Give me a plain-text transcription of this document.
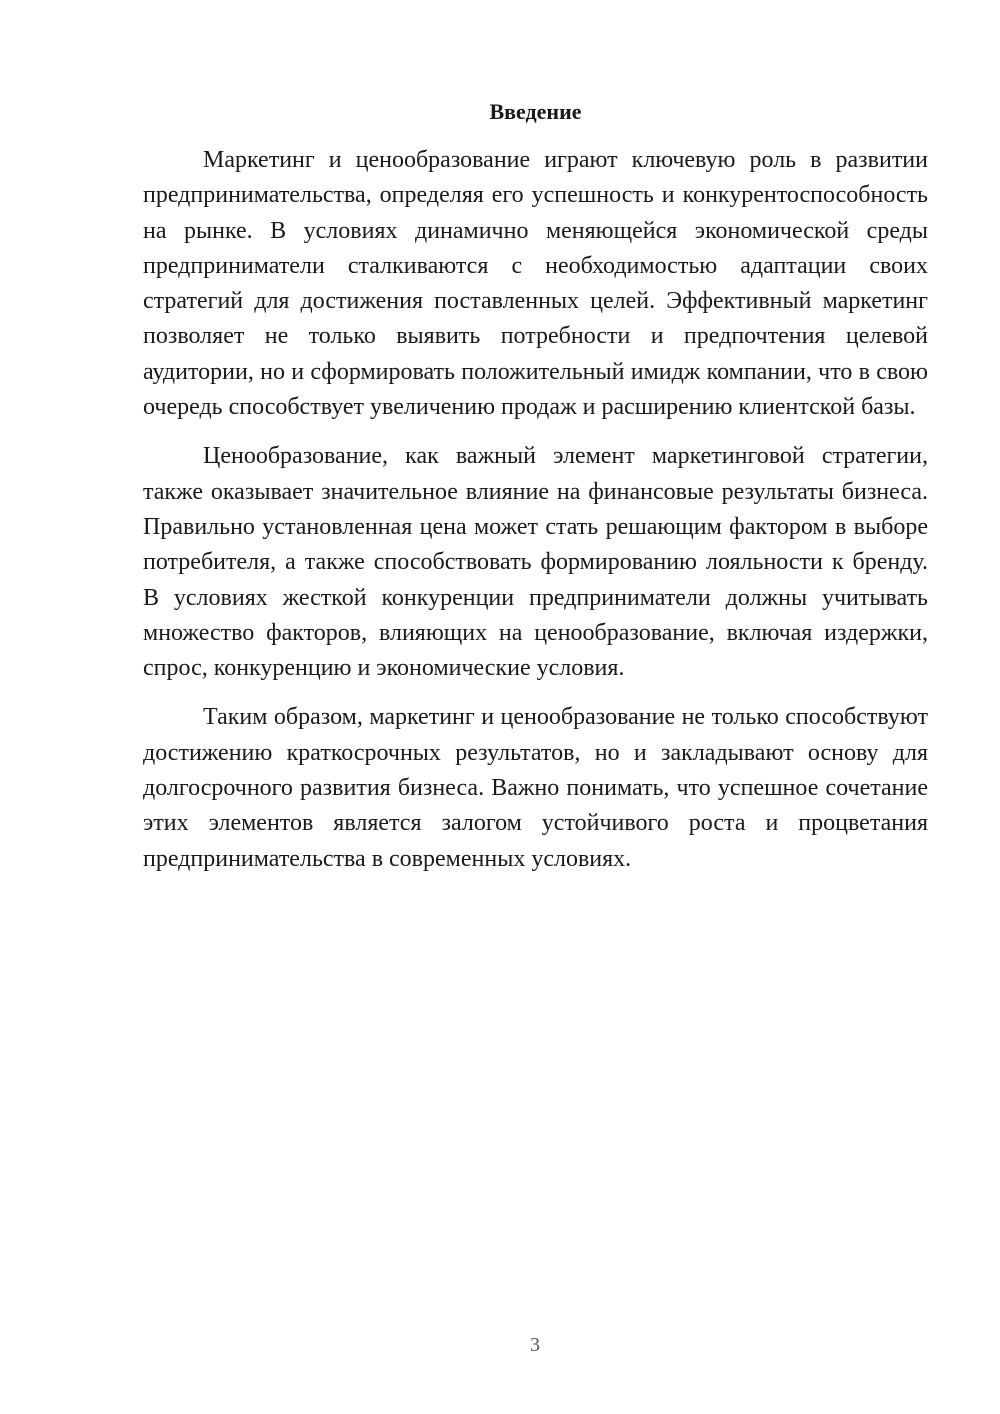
Введение

Маркетинг и ценообразование играют ключевую роль в развитии предпринимательства, определяя его успешность и конкурентоспособность на рынке. В условиях динамично меняющейся экономической среды предприниматели сталкиваются с необходимостью адаптации своих стратегий для достижения поставленных целей. Эффективный маркетинг позволяет не только выявить потребности и предпочтения целевой аудитории, но и сформировать положительный имидж компании, что в свою очередь способствует увеличению продаж и расширению клиентской базы.

Ценообразование, как важный элемент маркетинговой стратегии, также оказывает значительное влияние на финансовые результаты бизнеса. Правильно установленная цена может стать решающим фактором в выборе потребителя, а также способствовать формированию лояльности к бренду. В условиях жесткой конкуренции предприниматели должны учитывать множество факторов, влияющих на ценообразование, включая издержки, спрос, конкуренцию и экономические условия.

Таким образом, маркетинг и ценообразование не только способствуют достижению краткосрочных результатов, но и закладывают основу для долгосрочного развития бизнеса. Важно понимать, что успешное сочетание этих элементов является залогом устойчивого роста и процветания предпринимательства в современных условиях.

3
